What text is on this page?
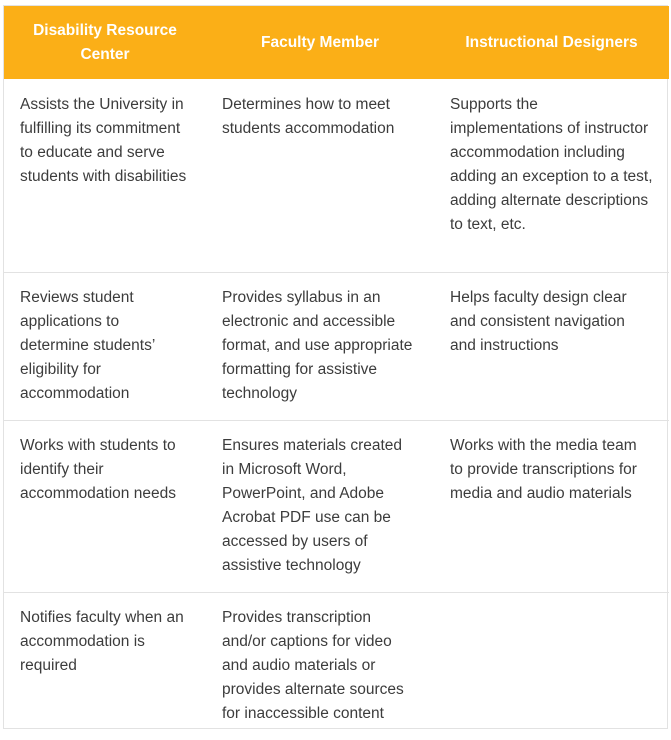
Disability Resource Center	Faculty Member	Instructional Designers
Assists the University in fulfilling its commitment to educate and serve students with disabilities	Determines how to meet students accommodation	Supports the implementations of instructor accommodation including adding an exception to a test, adding alternate descriptions to text, etc.
Reviews student applications to determine students’ eligibility for accommodation	Provides syllabus in an electronic and accessible format, and use appropriate formatting for assistive technology	Helps faculty design clear and consistent navigation and instructions
Works with students to identify their accommodation needs	Ensures materials created in Microsoft Word, PowerPoint, and Adobe Acrobat PDF use can be accessed by users of assistive technology	Works with the media team to provide transcriptions for media and audio materials
Notifies faculty when an accommodation is required	Provides transcription and/or captions for video and audio materials or provides alternate sources for inaccessible content	
